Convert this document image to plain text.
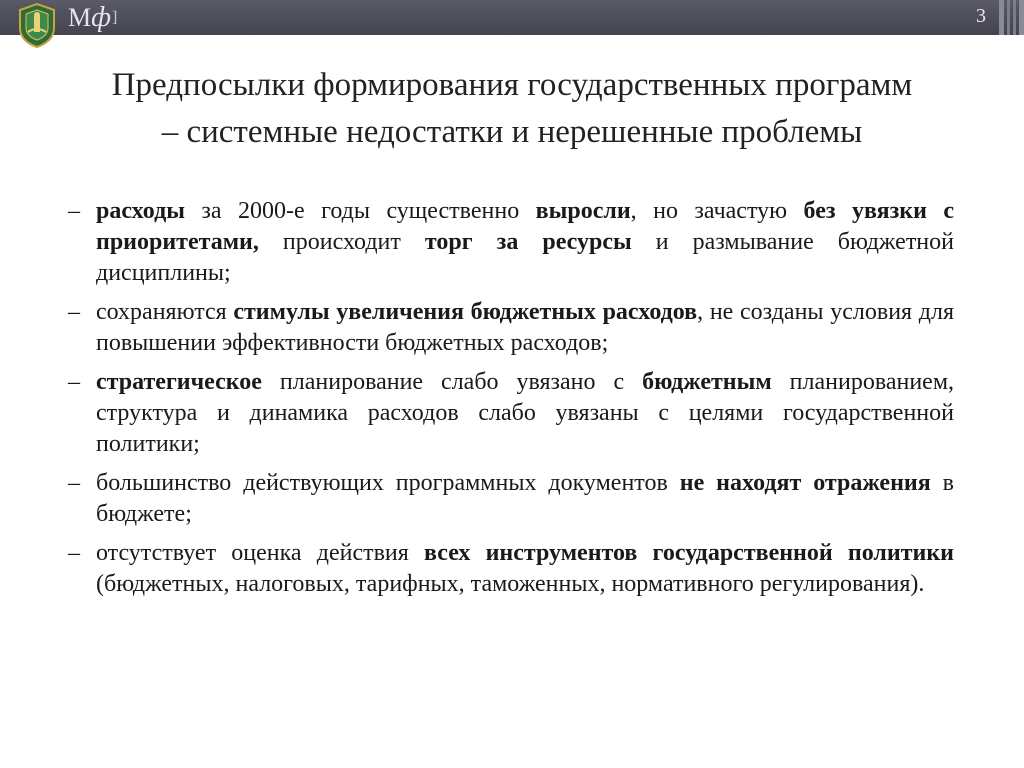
Мф]	3
Предпосылки формирования государственных программ
– системные недостатки и нерешенные проблемы
– расходы за 2000-е годы существенно выросли, но зачастую без увязки с приоритетами, происходит торг за ресурсы и размывание бюджетной дисциплины;
– сохраняются стимулы увеличения бюджетных расходов, не созданы условия для повышении эффективности бюджетных расходов;
– стратегическое планирование слабо увязано с бюджетным планированием, структура и динамика расходов слабо увязаны с целями государственной политики;
– большинство действующих программных документов не находят отражения в бюджете;
– отсутствует оценка действия всех инструментов государственной политики (бюджетных, налоговых, тарифных, таможенных, нормативного регулирования).
